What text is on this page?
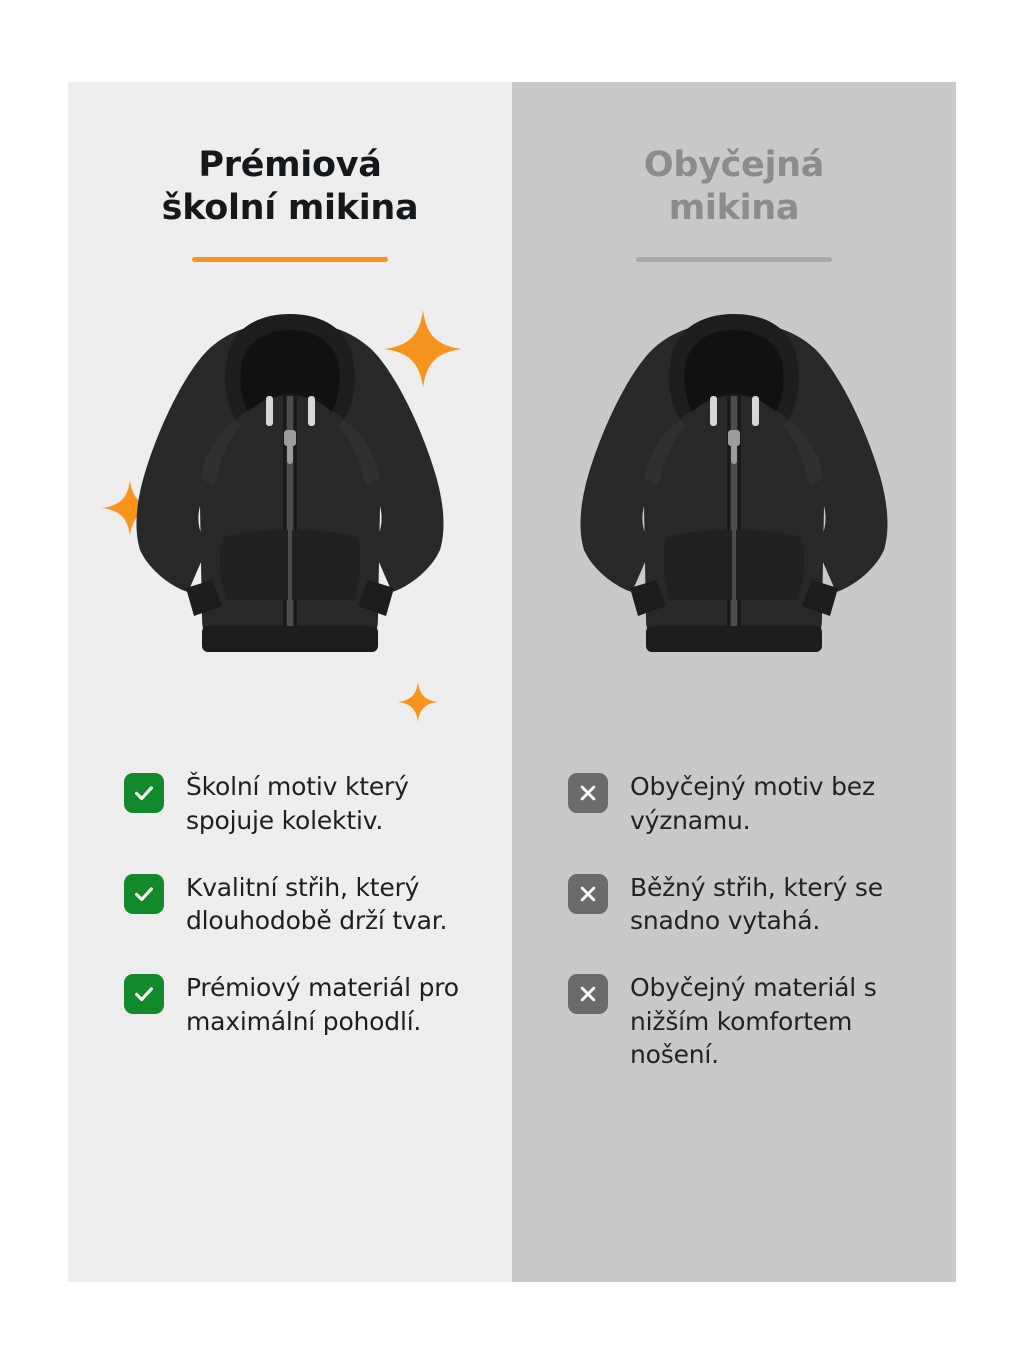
Prémiová
školní mikina
Školní motiv který spojuje kolektiv.
Kvalitní střih, který dlouhodobě drží tvar.
Prémiový materiál pro maximální pohodlí.
Obyčejná
mikina
Obyčejný motiv bez významu.
Běžný střih, který se snadno vytahá.
Obyčejný materiál s nižším komfortem nošení.
